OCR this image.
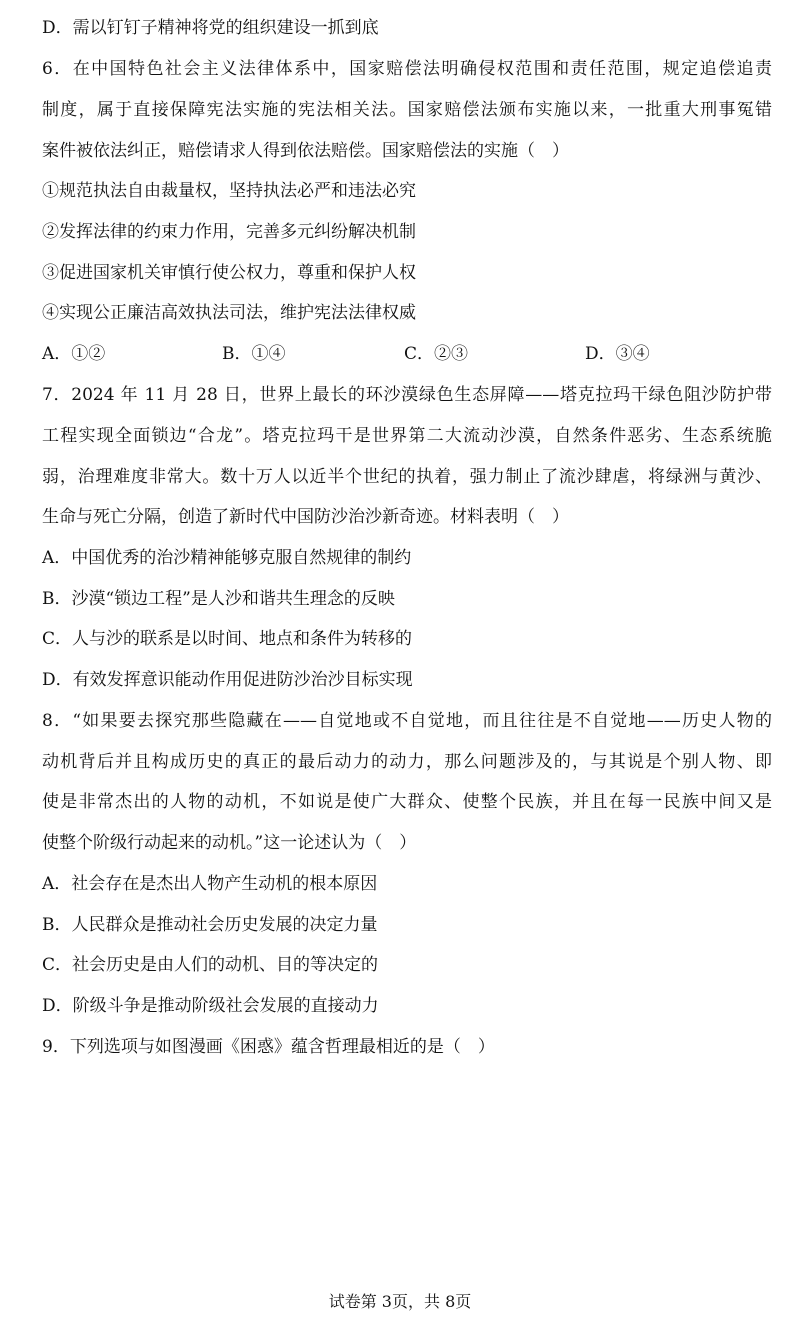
D．需以钉钉子精神将党的组织建设一抓到底
6．在中国特色社会主义法律体系中，国家赔偿法明确侵权范围和责任范围，规定追偿追责
制度，属于直接保障宪法实施的宪法相关法。国家赔偿法颁布实施以来，一批重大刑事冤错
案件被依法纠正，赔偿请求人得到依法赔偿。国家赔偿法的实施（　）
①规范执法自由裁量权，坚持执法必严和违法必究
②发挥法律的约束力作用，完善多元纠纷解决机制
③促进国家机关审慎行使公权力，尊重和保护人权
④实现公正廉洁高效执法司法，维护宪法法律权威
A．①②	B．①④	C．②③	D．③④
7．2024 年 11 月 28 日，世界上最长的环沙漠绿色生态屏障——塔克拉玛干绿色阻沙防护带
工程实现全面锁边“合龙”。塔克拉玛干是世界第二大流动沙漠，自然条件恶劣、生态系统脆
弱，治理难度非常大。数十万人以近半个世纪的执着，强力制止了流沙肆虐，将绿洲与黄沙、
生命与死亡分隔，创造了新时代中国防沙治沙新奇迹。材料表明（　）
A．中国优秀的治沙精神能够克服自然规律的制约
B．沙漠“锁边工程”是人沙和谐共生理念的反映
C．人与沙的联系是以时间、地点和条件为转移的
D．有效发挥意识能动作用促进防沙治沙目标实现
8．“如果要去探究那些隐藏在——自觉地或不自觉地，而且往往是不自觉地——历史人物的
动机背后并且构成历史的真正的最后动力的动力，那么问题涉及的，与其说是个别人物、即
使是非常杰出的人物的动机，不如说是使广大群众、使整个民族，并且在每一民族中间又是
使整个阶级行动起来的动机。”这一论述认为（　）
A．社会存在是杰出人物产生动机的根本原因
B．人民群众是推动社会历史发展的决定力量
C．社会历史是由人们的动机、目的等决定的
D．阶级斗争是推动阶级社会发展的直接动力
9．下列选项与如图漫画《困惑》蕴含哲理最相近的是（　）
试卷第 3页，共 8页
